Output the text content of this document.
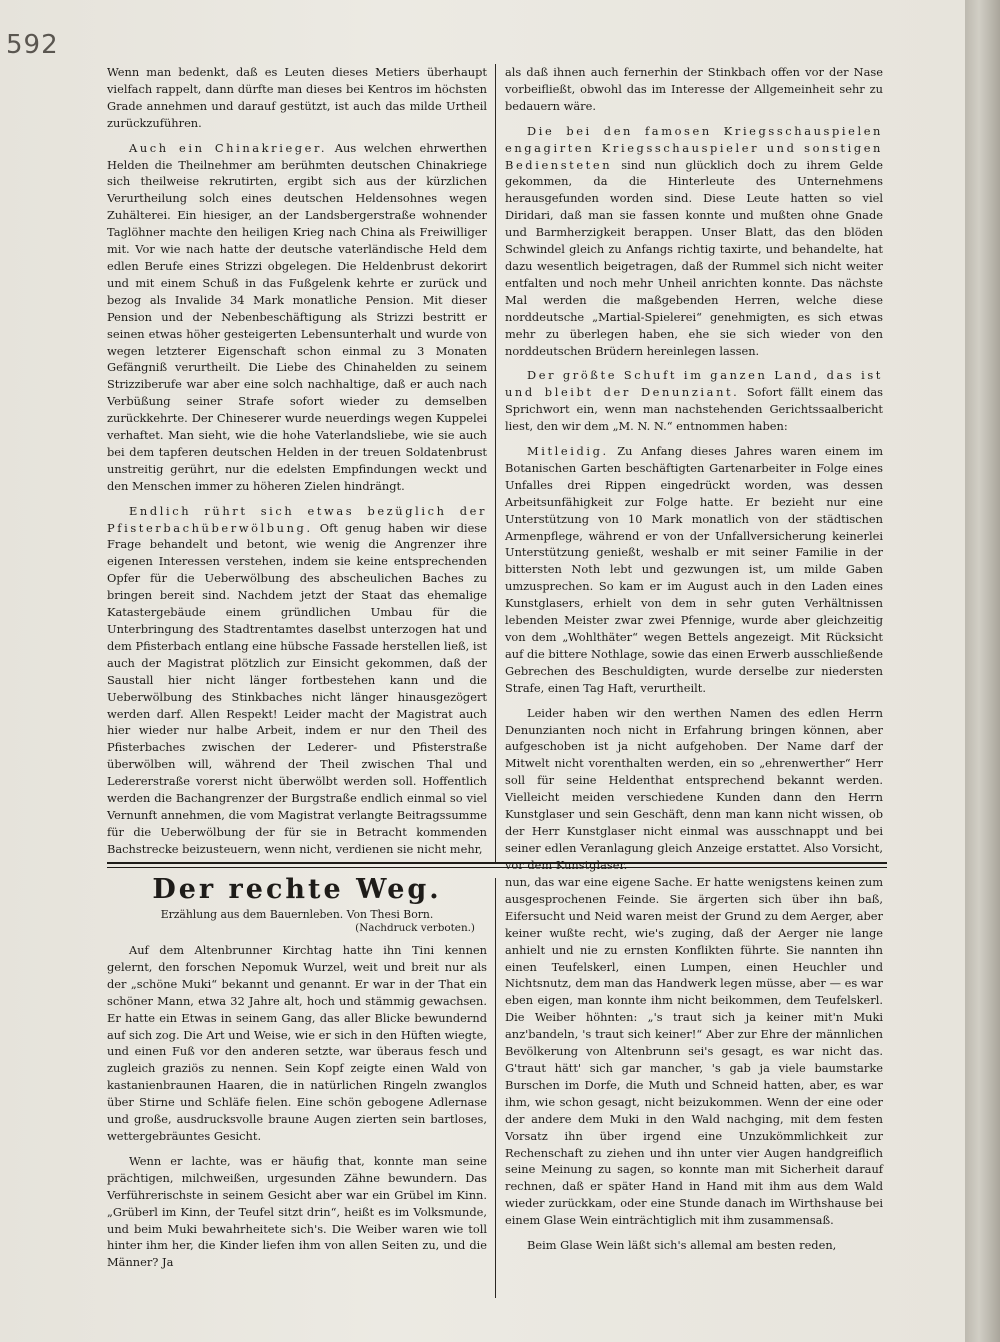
592

Wenn man bedenkt, daß es Leuten dieses Metiers überhaupt vielfach rappelt, dann dürfte man dieses bei Kentros im höchsten Grade annehmen und darauf gestützt, ist auch das milde Urtheil zurückzuführen.

Auch ein Chinakrieger. Aus welchen ehrwerthen Helden die Theilnehmer am berühmten deutschen Chinakriege sich theilweise rekrutirten, ergibt sich aus der kürzlichen Verurtheilung solch eines deutschen Heldensohnes wegen Zuhälterei. Ein hiesiger, an der Landsbergerstraße wohnender Taglöhner machte den heiligen Krieg nach China als Freiwilliger mit. Vor wie nach hatte der deutsche vaterländische Held dem edlen Berufe eines Strizzi obgelegen. Die Heldenbrust dekorirt und mit einem Schuß in das Fußgelenk kehrte er zurück und bezog als Invalide 34 Mark monatliche Pension. Mit dieser Pension und der Nebenbeschäftigung als Strizzi bestritt er seinen etwas höher gesteigerten Lebensunterhalt und wurde von wegen letzterer Eigenschaft schon einmal zu 3 Monaten Gefängniß verurtheilt. Die Liebe des Chinahelden zu seinem Strizziberufe war aber eine solch nachhaltige, daß er auch nach Verbüßung seiner Strafe sofort wieder zu demselben zurückkehrte. Der Chineserer wurde neuerdings wegen Kuppelei verhaftet. Man sieht, wie die hohe Vaterlandsliebe, wie sie auch bei dem tapferen deutschen Helden in der treuen Soldatenbrust unstreitig gerührt, nur die edelsten Empfindungen weckt und den Menschen immer zu höheren Zielen hindrängt.

Endlich rührt sich etwas bezüglich der Pfisterbachüberwölbung. Oft genug haben wir diese Frage behandelt und betont, wie wenig die Angrenzer ihre eigenen Interessen verstehen, indem sie keine entsprechenden Opfer für die Ueberwölbung des abscheulichen Baches zu bringen bereit sind. Nachdem jetzt der Staat das ehemalige Katastergebäude einem gründlichen Umbau für die Unterbringung des Stadtrentamtes daselbst unterzogen hat und dem Pfisterbach entlang eine hübsche Fassade herstellen ließ, ist auch der Magistrat plötzlich zur Einsicht gekommen, daß der Saustall hier nicht länger fortbestehen kann und die Ueberwölbung des Stinkbaches nicht länger hinausgezögert werden darf. Allen Respekt! Leider macht der Magistrat auch hier wieder nur halbe Arbeit, indem er nur den Theil des Pfisterbaches zwischen der Lederer- und Pfisterstraße überwölben will, während der Theil zwischen Thal und Ledererstraße vorerst nicht überwölbt werden soll. Hoffentlich werden die Bachangrenzer der Burgstraße endlich einmal so viel Vernunft annehmen, die vom Magistrat verlangte Beitragssumme für die Ueberwölbung der für sie in Betracht kommenden Bachstrecke beizusteuern, wenn nicht, verdienen sie nicht mehr,

als daß ihnen auch fernerhin der Stinkbach offen vor der Nase vorbeifließt, obwohl das im Interesse der Allgemeinheit sehr zu bedauern wäre.

Die bei den famosen Kriegsschauspielen engagirten Kriegsschauspieler und sonstigen Bediensteten sind nun glücklich doch zu ihrem Gelde gekommen, da die Hinterleute des Unternehmens herausgefunden worden sind. Diese Leute hatten so viel Diridari, daß man sie fassen konnte und mußten ohne Gnade und Barmherzigkeit berappen. Unser Blatt, das den blöden Schwindel gleich zu Anfangs richtig taxirte, und behandelte, hat dazu wesentlich beigetragen, daß der Rummel sich nicht weiter entfalten und noch mehr Unheil anrichten konnte. Das nächste Mal werden die maßgebenden Herren, welche diese norddeutsche „Martial-Spielerei“ genehmigten, es sich etwas mehr zu überlegen haben, ehe sie sich wieder von den norddeutschen Brüdern hereinlegen lassen.

Der größte Schuft im ganzen Land, das ist und bleibt der Denunziant. Sofort fällt einem das Sprichwort ein, wenn man nachstehenden Gerichtssaalbericht liest, den wir dem „M. N. N.“ entnommen haben:

Mitleidig. Zu Anfang dieses Jahres waren einem im Botanischen Garten beschäftigten Gartenarbeiter in Folge eines Unfalles drei Rippen eingedrückt worden, was dessen Arbeitsunfähigkeit zur Folge hatte. Er bezieht nur eine Unterstützung von 10 Mark monatlich von der städtischen Armenpflege, während er von der Unfallversicherung keinerlei Unterstützung genießt, weshalb er mit seiner Familie in der bittersten Noth lebt und gezwungen ist, um milde Gaben umzusprechen. So kam er im August auch in den Laden eines Kunstglasers, erhielt von dem in sehr guten Verhältnissen lebenden Meister zwar zwei Pfennige, wurde aber gleichzeitig von dem „Wohlthäter“ wegen Bettels angezeigt. Mit Rücksicht auf die bittere Nothlage, sowie das einen Erwerb ausschließende Gebrechen des Beschuldigten, wurde derselbe zur niedersten Strafe, einen Tag Haft, verurtheilt.

Leider haben wir den werthen Namen des edlen Herrn Denunzianten noch nicht in Erfahrung bringen können, aber aufgeschoben ist ja nicht aufgehoben. Der Name darf der Mitwelt nicht vorenthalten werden, ein so „ehrenwerther“ Herr soll für seine Heldenthat entsprechend bekannt werden. Vielleicht meiden verschiedene Kunden dann den Herrn Kunstglaser und sein Geschäft, denn man kann nicht wissen, ob der Herr Kunstglaser nicht einmal was ausschnappt und bei seiner edlen Veranlagung gleich Anzeige erstattet. Also Vorsicht, vor dem Kunstglaser.

Der rechte Weg.
Erzählung aus dem Bauernleben. Von Thesi Born.
(Nachdruck verboten.)

Auf dem Altenbrunner Kirchtag hatte ihn Tini kennen gelernt, den forschen Nepomuk Wurzel, weit und breit nur als der „schöne Muki“ bekannt und genannt. Er war in der That ein schöner Mann, etwa 32 Jahre alt, hoch und stämmig gewachsen. Er hatte ein Etwas in seinem Gang, das aller Blicke bewundernd auf sich zog. Die Art und Weise, wie er sich in den Hüften wiegte, und einen Fuß vor den anderen setzte, war überaus fesch und zugleich graziös zu nennen. Sein Kopf zeigte einen Wald von kastanienbraunen Haaren, die in natürlichen Ringeln zwanglos über Stirne und Schläfe fielen. Eine schön gebogene Adlernase und große, ausdrucksvolle braune Augen zierten sein bartloses, wettergebräuntes Gesicht.

Wenn er lachte, was er häufig that, konnte man seine prächtigen, milchweißen, urgesunden Zähne bewundern. Das Verführerischste in seinem Gesicht aber war ein Grübel im Kinn. „Grüberl im Kinn, der Teufel sitzt drin“, heißt es im Volksmunde, und beim Muki bewahrheitete sich's. Die Weiber waren wie toll hinter ihm her, die Kinder liefen ihm von allen Seiten zu, und die Männer? Ja

nun, das war eine eigene Sache. Er hatte wenigstens keinen zum ausgesprochenen Feinde. Sie ärgerten sich über ihn baß, Eifersucht und Neid waren meist der Grund zu dem Aerger, aber keiner wußte recht, wie's zuging, daß der Aerger nie lange anhielt und nie zu ernsten Konflikten führte. Sie nannten ihn einen Teufelskerl, einen Lumpen, einen Heuchler und Nichtsnutz, dem man das Handwerk legen müsse, aber — es war eben eigen, man konnte ihm nicht beikommen, dem Teufelskerl. Die Weiber höhnten: „'s traut sich ja keiner mit'n Muki anz'bandeln, 's traut sich keiner!“ Aber zur Ehre der männlichen Bevölkerung von Altenbrunn sei's gesagt, es war nicht das. G'traut hätt' sich gar mancher, 's gab ja viele baumstarke Burschen im Dorfe, die Muth und Schneid hatten, aber, es war ihm, wie schon gesagt, nicht beizukommen. Wenn der eine oder der andere dem Muki in den Wald nachging, mit dem festen Vorsatz ihn über irgend eine Unzukömmlichkeit zur Rechenschaft zu ziehen und ihn unter vier Augen handgreiflich seine Meinung zu sagen, so konnte man mit Sicherheit darauf rechnen, daß er später Hand in Hand mit ihm aus dem Wald wieder zurückkam, oder eine Stunde danach im Wirthshause bei einem Glase Wein einträchtiglich mit ihm zusammensaß.

Beim Glase Wein läßt sich's allemal am besten reden,
